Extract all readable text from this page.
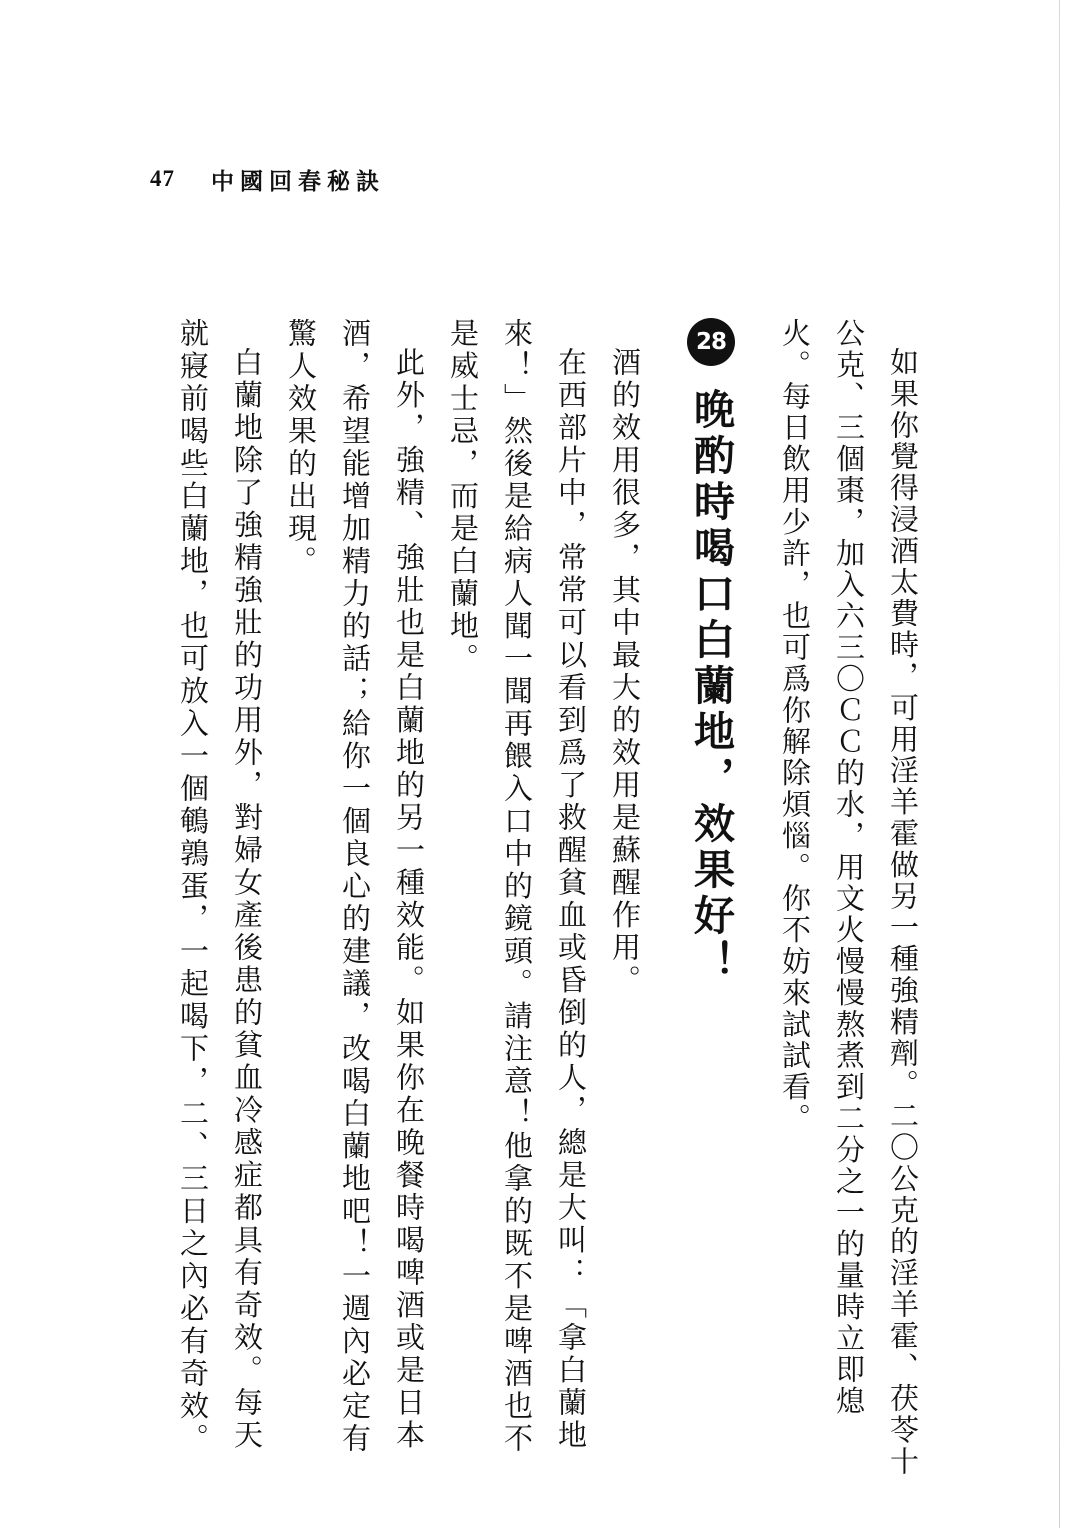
47 中國回春秘訣

如果你覺得浸酒太費時，可用淫羊霍做另一種強精劑。二〇公克的淫羊霍、茯苓十公克、三個棗，加入六三〇ＣＣ的水，用文火慢慢熬煮到二分之一的量時立即熄火。每日飲用少許，也可爲你解除煩惱。你不妨來試試看。

28
晚酌時喝口白蘭地，效果好！

酒的效用很多，其中最大的效用是蘇醒作用。

在西部片中，常常可以看到爲了救醒貧血或昏倒的人，總是大叫：「拿白蘭地來！」然後是給病人聞一聞再餵入口中的鏡頭。請注意！他拿的既不是啤酒也不是威士忌，而是白蘭地。

此外，強精、強壯也是白蘭地的另一種效能。如果你在晚餐時喝啤酒或是日本酒，希望能增加精力的話；給你一個良心的建議，改喝白蘭地吧！一週內必定有驚人效果的出現。

白蘭地除了強精強壯的功用外，對婦女產後患的貧血冷感症都具有奇效。每天就寢前喝些白蘭地，也可放入一個鵪鶉蛋，一起喝下，二、三日之內必有奇效。
